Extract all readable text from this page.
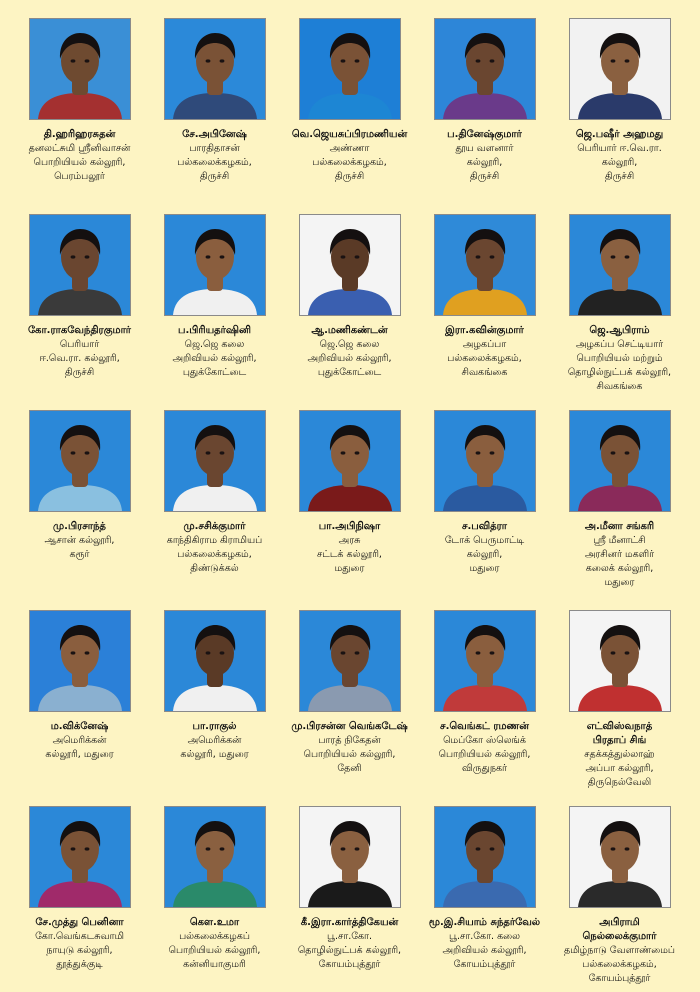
தி.ஹரிஹரசுதன்
தனலட்சுமி ஸ்ரீனிவாசன்
பொறியியல் கல்லூரி,
பெரம்பலூர்
சே.அபினேஷ்
பாரதிதாசன்
பல்கலைக்கழகம்,
திருச்சி
வெ.ஜெயசுப்பிரமணியன்
அண்ணா
பல்கலைக்கழகம்,
திருச்சி
ப.தினேஷ்குமார்
தூய வளனார்
கல்லூரி,
திருச்சி
ஜெ.பஷீர் அஹமது
பெரியார் ஈ.வெ.ரா.
கல்லூரி,
திருச்சி
கோ.ராகவேந்திரகுமார்
பெரியார்
ஈ.வெ.ரா. கல்லூரி,
திருச்சி
ப.பிரியதர்ஷினி
ஜெ.ஜெ கலை
அறிவியல் கல்லூரி,
புதுக்கோட்டை
ஆ.மணிகண்டன்
ஜெ.ஜெ கலை
அறிவியல் கல்லூரி,
புதுக்கோட்டை
இரா.கவின்குமார்
அழகப்பா
பல்கலைக்கழகம்,
சிவகங்கை
ஜெ.ஆபிராம்
அழகப்ப செட்டியார்
பொறியியல் மற்றும்
தொழில்நுட்பக் கல்லூரி,
சிவகங்கை
மு.பிரசாந்த்
ஆசான் கல்லூரி,
கரூர்
மு.சசிக்குமார்
காந்திகிராம கிராமியப்
பல்கலைக்கழகம்,
திண்டுக்கல்
பா.அபிநிஷா
அரசு
சட்டக் கல்லூரி,
மதுரை
ச.பவித்ரா
டோக் பெருமாட்டி
கல்லூரி,
மதுரை
அ.மீனா சங்கரி
ஸ்ரீ மீனாட்சி
அரசினர் மகளிர்
கலைக் கல்லூரி,
மதுரை
ம.விக்னேஷ்
அமெரிக்கன்
கல்லூரி, மதுரை
பா.ராகுல்
அமெரிக்கன்
கல்லூரி, மதுரை
மு.பிரசன்ன வெங்கடேஷ்
பாரத் நிகேதன்
பொறியியல் கல்லூரி,
தேனி
ச.வெங்கட் ரமணன்
மெப்கோ ஸ்லெங்க்
பொறியியல் கல்லூரி,
விருதுநகர்
எட்விஸ்வநாத்
பிரதாப் சிங்
சதக்கத்துல்லாஹ்
அப்பா கல்லூரி,
திருநெல்வேலி
சே.முத்து பெனினா
கோ.வெங்கடசுவாமி
நாயுடு கல்லூரி,
தூத்துக்குடி
கௌ.உமா
பல்கலைக்கழகப்
பொறியியல் கல்லூரி,
கன்னியாகுமரி
கீ.இரா.கார்த்திகேயன்
பூ.சா.கோ.
தொழில்நுட்பக் கல்லூரி,
கோயம்புத்தூர்
மூ.இ.சியாம் சுந்தர்வேல்
பூ.சா.கோ. கலை
அறிவியல் கல்லூரி,
கோயம்புத்தூர்
அபிராமி
நெல்லைக்குமார்
தமிழ்நாடு வேளாண்மைப்
பல்கலைக்கழகம்,
கோயம்புத்தூர்
